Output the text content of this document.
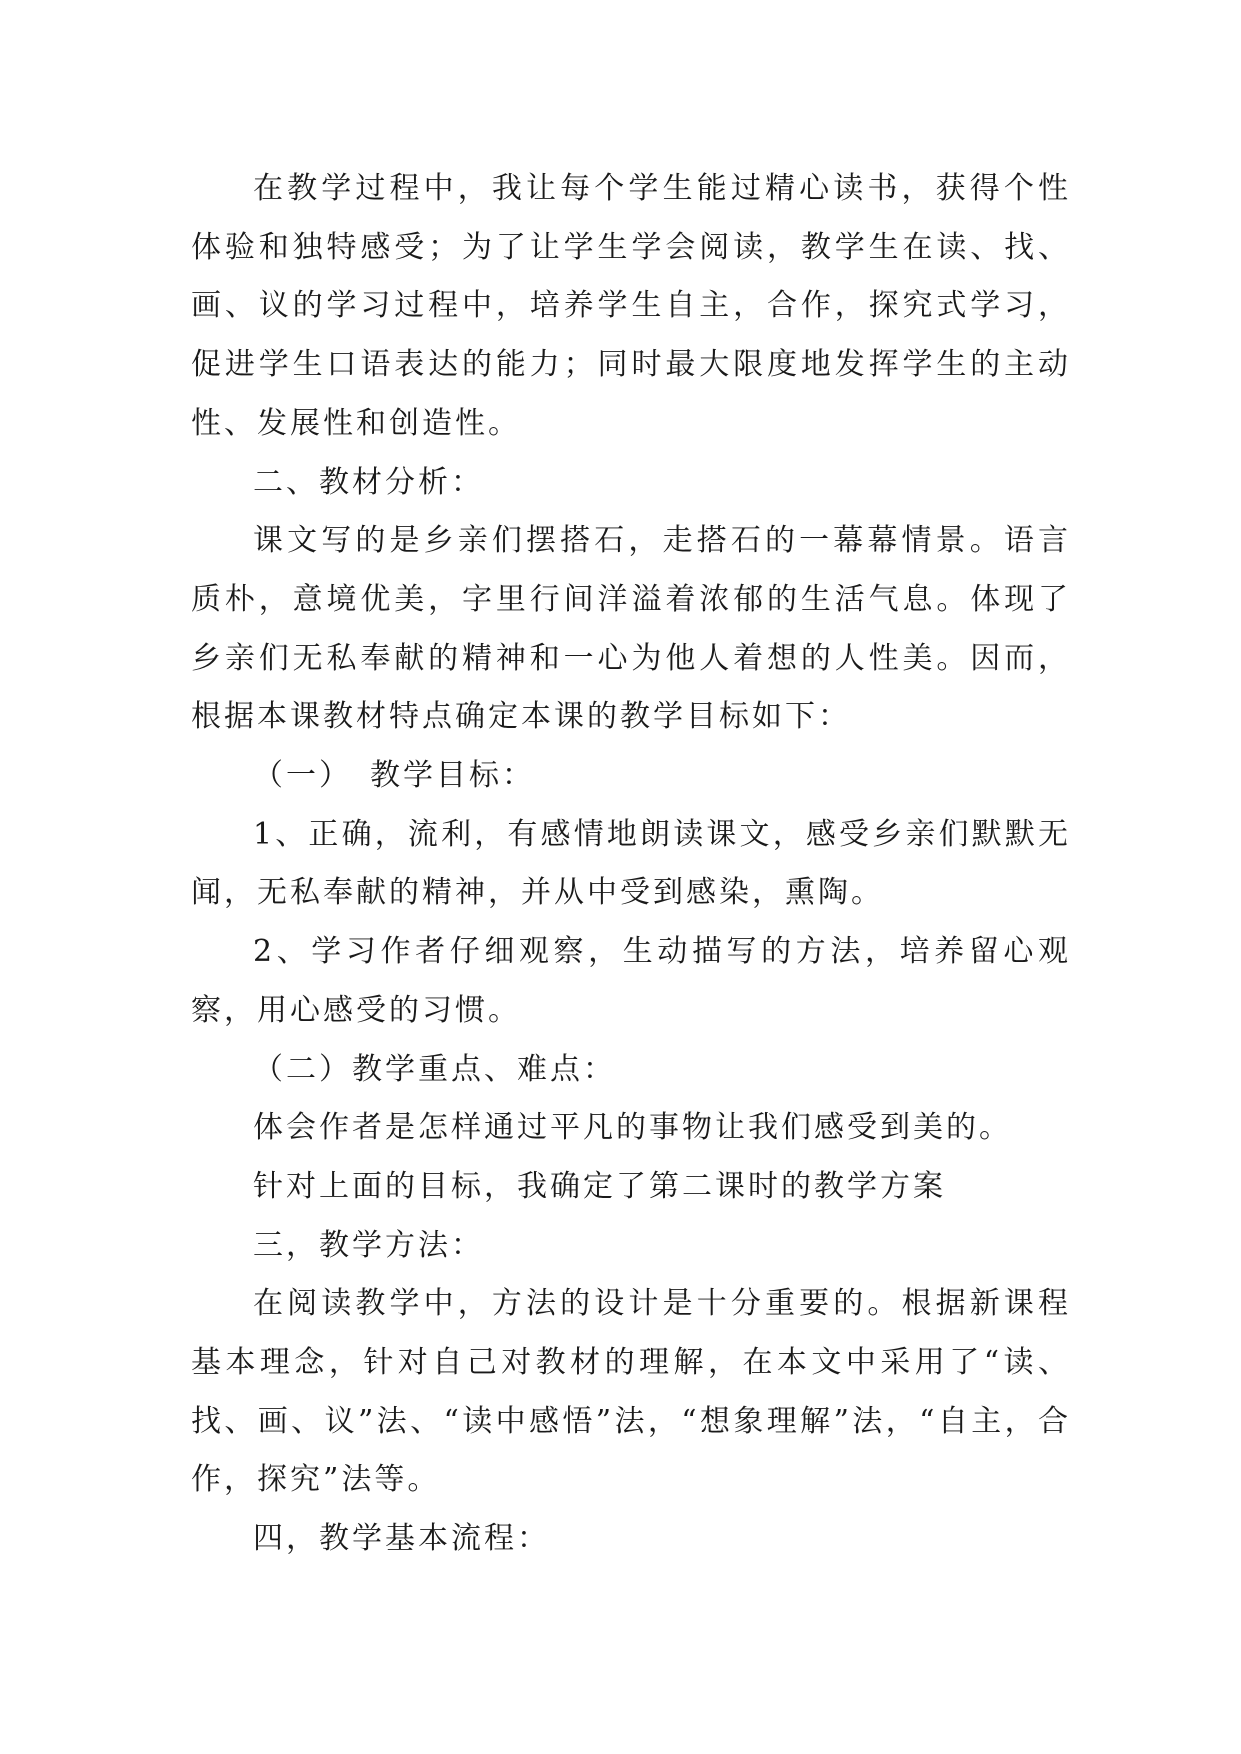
在教学过程中，我让每个学生能过精心读书，获得个性体验和独特感受；为了让学生学会阅读，教学生在读、找、画、议的学习过程中，培养学生自主，合作，探究式学习，促进学生口语表达的能力；同时最大限度地发挥学生的主动性、发展性和创造性。

二、教材分析：

课文写的是乡亲们摆搭石，走搭石的一幕幕情景。语言质朴，意境优美，字里行间洋溢着浓郁的生活气息。体现了乡亲们无私奉献的精神和一心为他人着想的人性美。因而，根据本课教材特点确定本课的教学目标如下：

（一）　教学目标：

1、正确，流利，有感情地朗读课文，感受乡亲们默默无闻，无私奉献的精神，并从中受到感染，熏陶。

2、学习作者仔细观察，生动描写的方法，培养留心观察，用心感受的习惯。

（二）教学重点、难点：

体会作者是怎样通过平凡的事物让我们感受到美的。

针对上面的目标，我确定了第二课时的教学方案

三，教学方法：

在阅读教学中，方法的设计是十分重要的。根据新课程基本理念，针对自己对教材的理解，在本文中采用了“读、找、画、议”法、“读中感悟”法，“想象理解”法，“自主，合作，探究”法等。

四，教学基本流程：
